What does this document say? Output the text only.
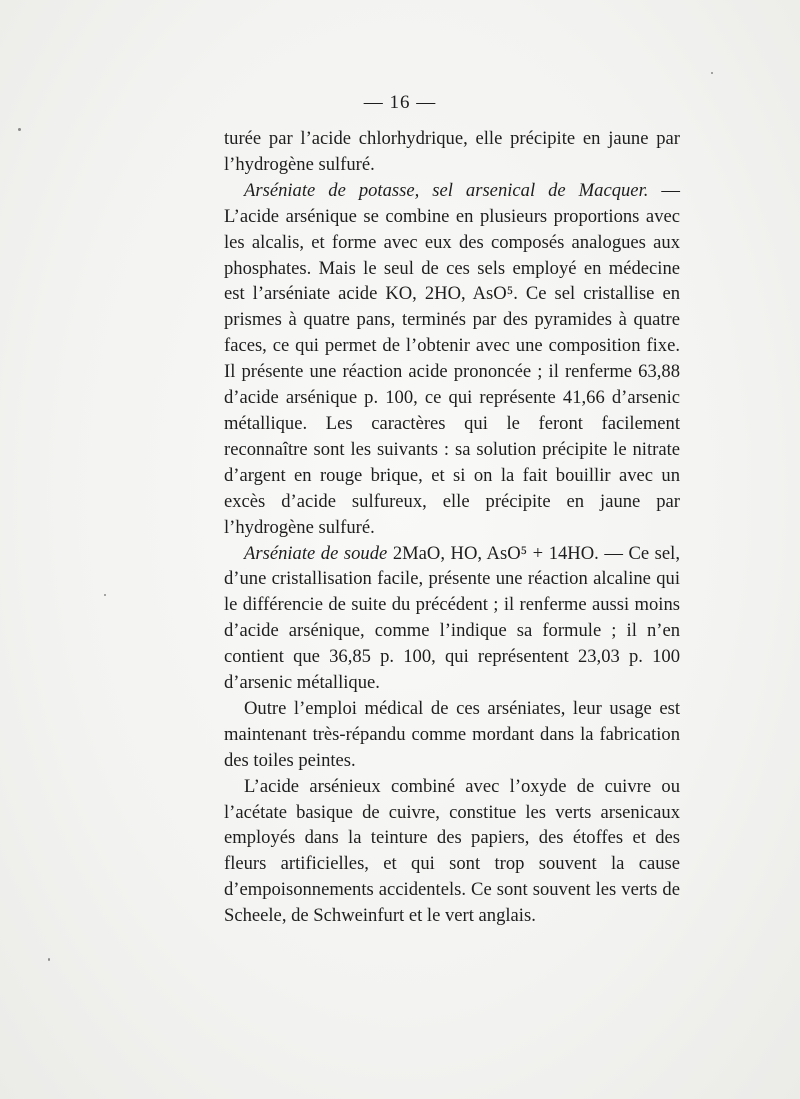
— 16 —

turée par l’acide chlorhydrique, elle précipite en jaune par l’hydrogène sulfuré.

Arséniate de potasse, sel arsenical de Macquer. — L’acide arsénique se combine en plusieurs proportions avec les alcalis, et forme avec eux des composés analogues aux phosphates. Mais le seul de ces sels employé en médecine est l’arséniate acide KO, 2HO, AsO⁵. Ce sel cristallise en prismes à quatre pans, terminés par des pyramides à quatre faces, ce qui permet de l’obtenir avec une composition fixe. Il présente une réaction acide prononcée ; il renferme 63,88 d’acide arsénique p. 100, ce qui représente 41,66 d’arsenic métallique. Les caractères qui le feront facilement reconnaître sont les suivants : sa solution précipite le nitrate d’argent en rouge brique, et si on la fait bouillir avec un excès d’acide sulfureux, elle précipite en jaune par l’hydrogène sulfuré.

Arséniate de soude 2MaO, HO, AsO⁵ + 14HO. — Ce sel, d’une cristallisation facile, présente une réaction alcaline qui le différencie de suite du précédent ; il renferme aussi moins d’acide arsénique, comme l’indique sa formule ; il n’en contient que 36,85 p. 100, qui représentent 23,03 p. 100 d’arsenic métallique.

Outre l’emploi médical de ces arséniates, leur usage est maintenant très-répandu comme mordant dans la fabrication des toiles peintes.

L’acide arsénieux combiné avec l’oxyde de cuivre ou l’acétate basique de cuivre, constitue les verts arsenicaux employés dans la teinture des papiers, des étoffes et des fleurs artificielles, et qui sont trop souvent la cause d’empoisonnements accidentels. Ce sont souvent les verts de Scheele, de Schweinfurt et le vert anglais.
